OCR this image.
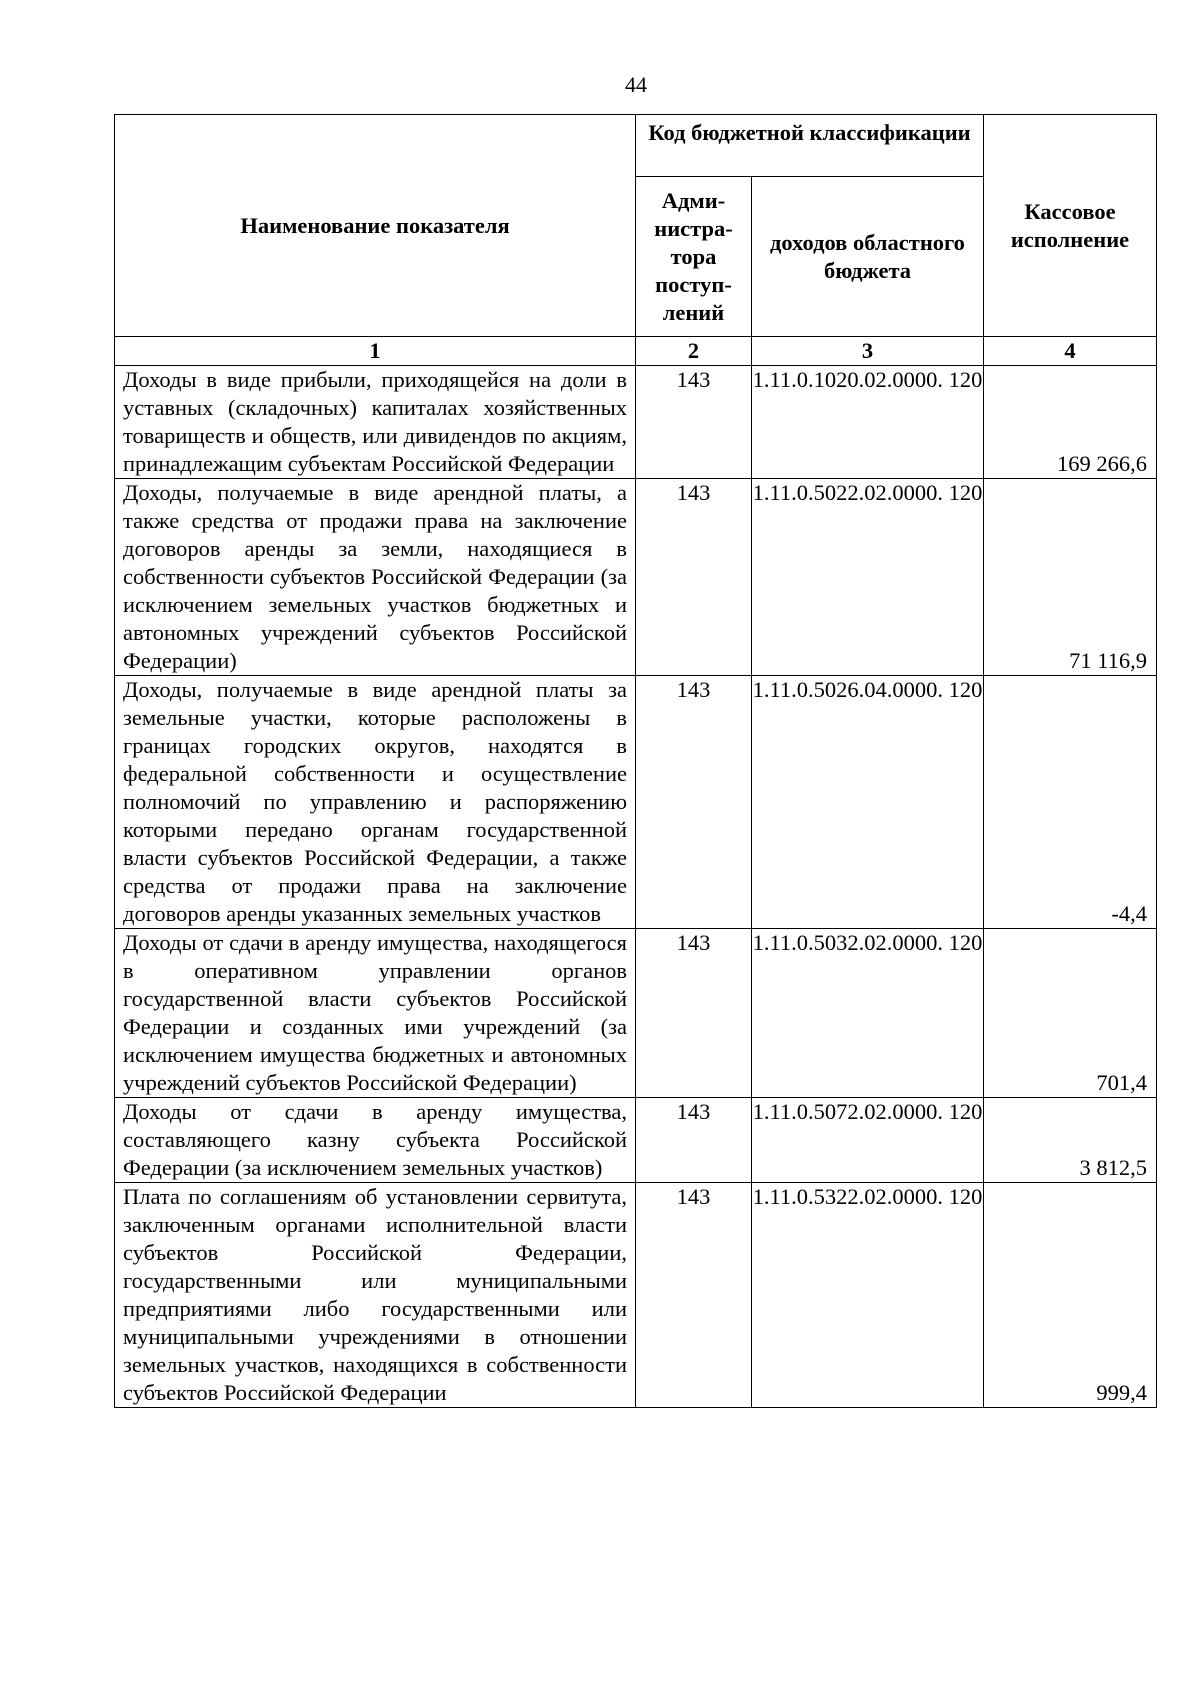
44
Наименование показателя	Код бюджетной классификации		Кассовое исполнение
	Адми-нистра-тора поступ-лений	доходов областного бюджета	
1	2	3	4
Доходы в виде прибыли, приходящейся на доли в уставных (складочных) капиталах хозяйственных товариществ и обществ, или дивидендов по акциям, принадлежащим субъектам Российской Федерации	143	1.11.0.1020.02.0000. 120	169 266,6
Доходы, получаемые в виде арендной платы, а также средства от продажи права на заключение договоров аренды за земли, находящиеся в собственности субъектов Российской Федерации (за исключением земельных участков бюджетных и автономных учреждений субъектов Российской Федерации)	143	1.11.0.5022.02.0000. 120	71 116,9
Доходы, получаемые в виде арендной платы за земельные участки, которые расположены в границах городских округов, находятся в федеральной собственности и осуществление полномочий по управлению и распоряжению которыми передано органам государственной власти субъектов Российской Федерации, а также средства от продажи права на заключение договоров аренды указанных земельных участков	143	1.11.0.5026.04.0000. 120	-4,4
Доходы от сдачи в аренду имущества, находящегося в оперативном управлении органов государственной власти субъектов Российской Федерации и созданных ими учреждений (за исключением имущества бюджетных и автономных учреждений субъектов Российской Федерации)	143	1.11.0.5032.02.0000. 120	701,4
Доходы от сдачи в аренду имущества, составляющего казну субъекта Российской Федерации (за исключением земельных участков)	143	1.11.0.5072.02.0000. 120	3 812,5
Плата по соглашениям об установлении сервитута, заключенным органами исполнительной власти субъектов Российской Федерации, государственными или муниципальными предприятиями либо государственными или муниципальными учреждениями в отношении земельных участков, находящихся в собственности субъектов Российской Федерации	143	1.11.0.5322.02.0000. 120	999,4
